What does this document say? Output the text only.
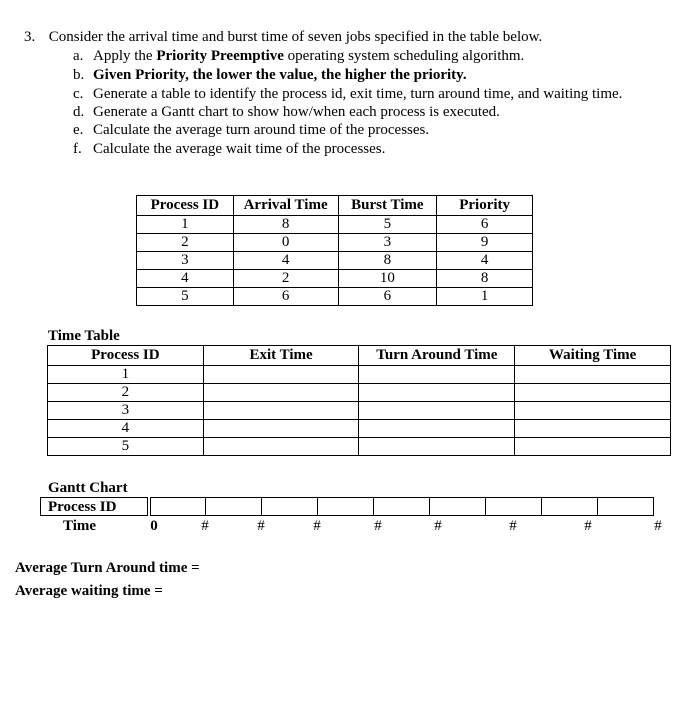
3. Consider the arrival time and burst time of seven jobs specified in the table below.
a. Apply the Priority Preemptive operating system scheduling algorithm.
b. Given Priority, the lower the value, the higher the priority.
c. Generate a table to identify the process id, exit time, turn around time, and waiting time.
d. Generate a Gantt chart to show how/when each process is executed.
e. Calculate the average turn around time of the processes.
f. Calculate the average wait time of the processes.
Process ID	Arrival Time	Burst Time	Priority
1	8	5	6
2	0	3	9
3	4	8	4
4	2	10	8
5	6	6	1
Time Table
Process ID	Exit Time	Turn Around Time	Waiting Time
1			
2			
3			
4			
5			
Gantt Chart
Process ID
Time	0	#	#	#	#	#	#	#	#
Average Turn Around time =
Average waiting time =
